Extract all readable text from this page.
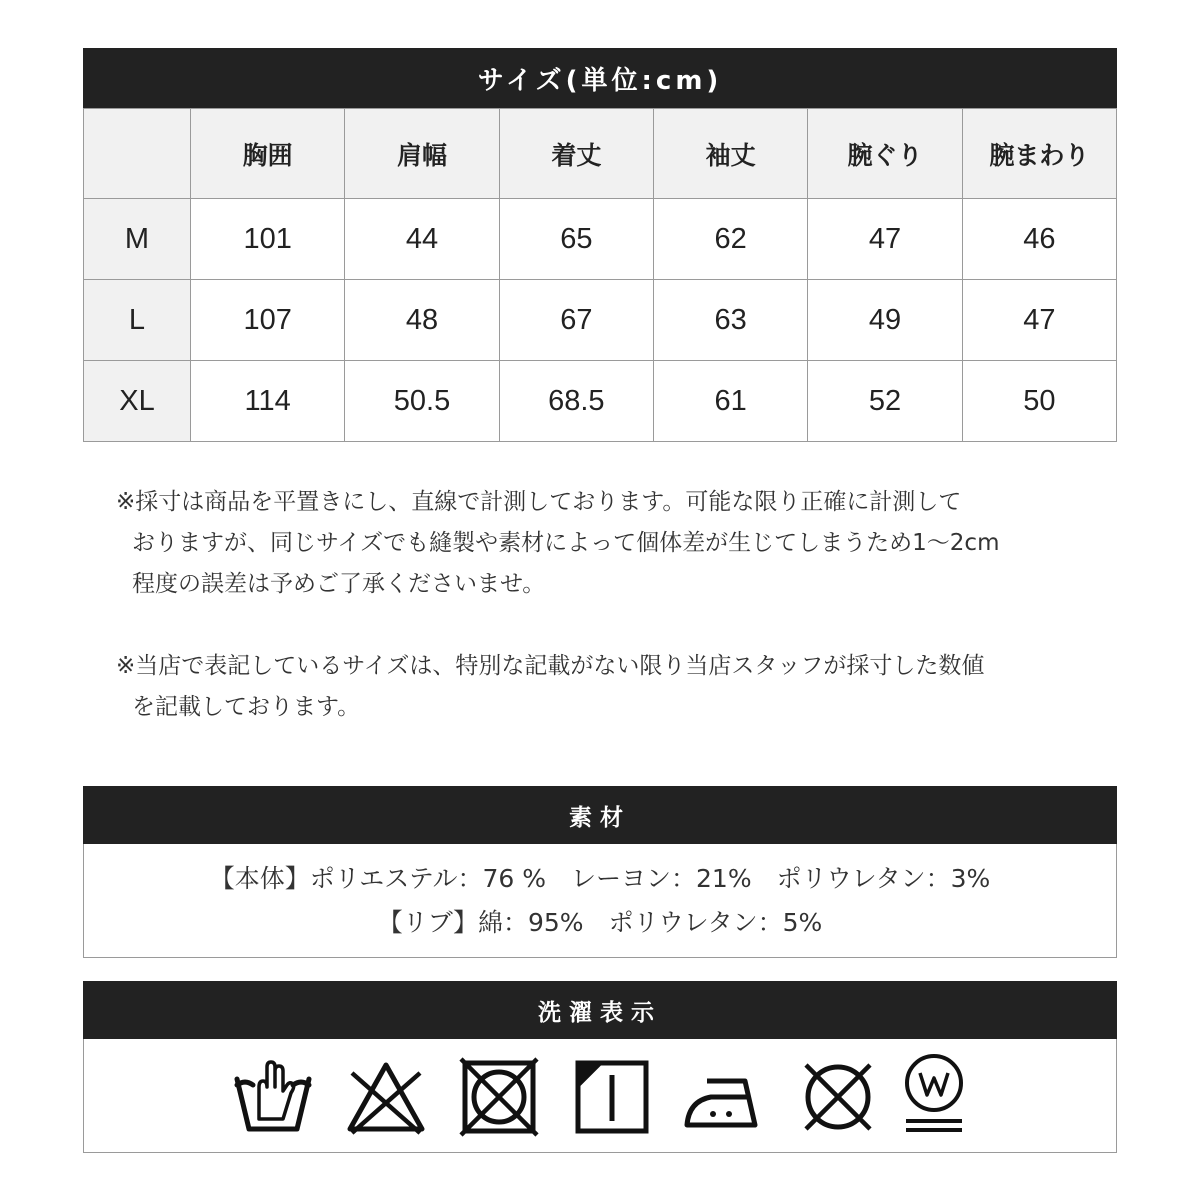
サイズ(単位:cm)
	胸囲	肩幅	着丈	袖丈	腕ぐり	腕まわり
M	101	44	65	62	47	46
L	107	48	67	63	49	47
XL	114	50.5	68.5	61	52	50

※採寸は商品を平置きにし、直線で計測しております。可能な限り正確に計測して

おりますが、同じサイズでも縫製や素材によって個体差が生じてしまうため1～2cm

程度の誤差は予めご了承くださいませ。

※当店で表記しているサイズは、特別な記載がない限り当店スタッフが採寸した数値

を記載しております。

素材
【本体】ポリエステル：76 %　レーヨン：21%　ポリウレタン：3%
【リブ】綿：95%　ポリウレタン：5%
洗濯表示
